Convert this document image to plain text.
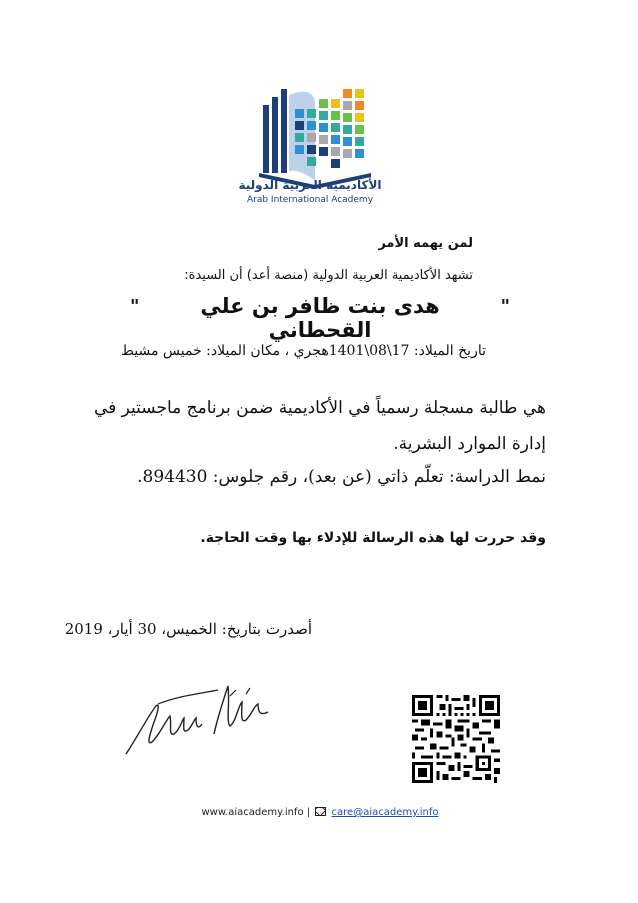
الأكاديمية العربية الدولية
Arab International Academy
لمن يهمه الأمر
تشهد الأكاديمية العربية الدولية (منصة أعد) أن السيدة:
"
هدى بنت ظافر بن علي القحطاني
"
تاريخ الميلاد: 17\08\1401هجري ، مكان الميلاد: خميس مشيط
هي طالبة مسجلة رسمياً في الأكاديمية ضمن برنامج ماجستير في إدارة الموارد البشرية.
نمط الدراسة: تعلّم ذاتي (عن بعد)، رقم جلوس: 894430.
وقد حررت لها هذه الرسالة للإدلاء بها وقت الحاجة.
أصدرت بتاريخ: الخميس، 30 أيار، 2019
www.aiacademy.info | care@aiacademy.info
